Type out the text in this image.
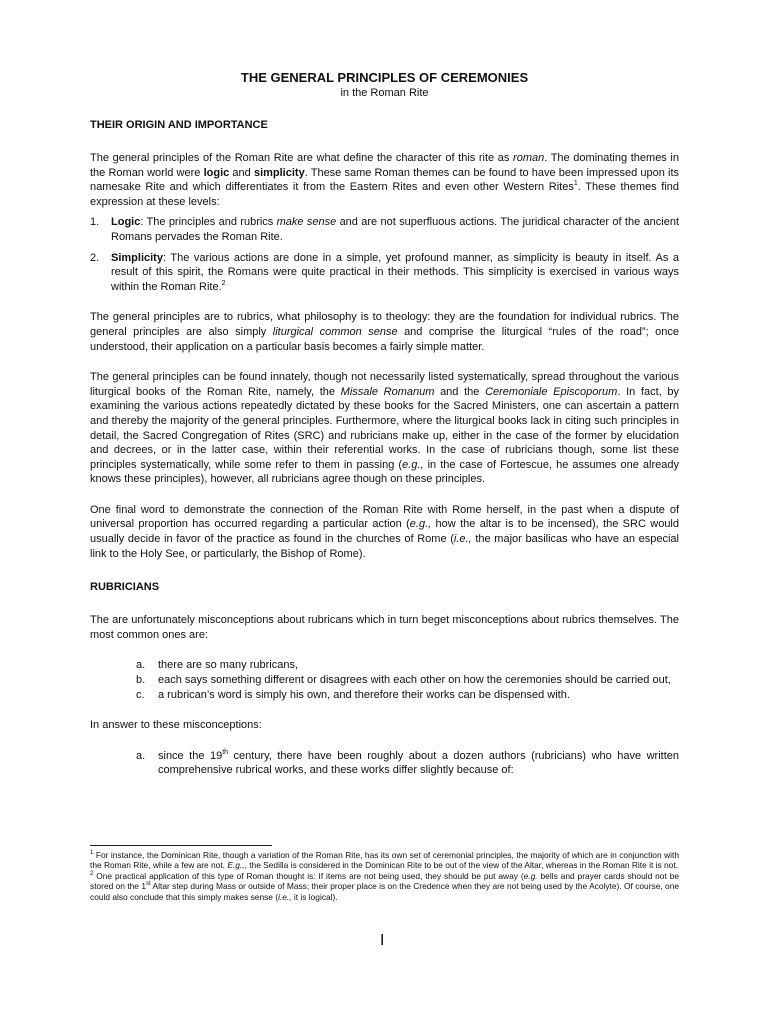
THE GENERAL PRINCIPLES OF CEREMONIES
in the Roman Rite
THEIR ORIGIN AND IMPORTANCE

The general principles of the Roman Rite are what define the character of this rite as roman. The dominating themes in the Roman world were logic and simplicity. These same Roman themes can be found to have been impressed upon its namesake Rite and which differentiates it from the Eastern Rites and even other Western Rites$^1$. These themes find expression at these levels:

1. Logic: The principles and rubrics make sense and are not superfluous actions. The juridical character of the ancient Romans pervades the Roman Rite.
2. Simplicity: The various actions are done in a simple, yet profound manner, as simplicity is beauty in itself. As a result of this spirit, the Romans were quite practical in their methods. This simplicity is exercised in various ways within the Roman Rite.$^2$

The general principles are to rubrics, what philosophy is to theology: they are the foundation for individual rubrics. The general principles are also simply liturgical common sense and comprise the liturgical “rules of the road”; once understood, their application on a particular basis becomes a fairly simple matter.

The general principles can be found innately, though not necessarily listed systematically, spread throughout the various liturgical books of the Roman Rite, namely, the Missale Romanum and the Ceremoniale Episcoporum. In fact, by examining the various actions repeatedly dictated by these books for the Sacred Ministers, one can ascertain a pattern and thereby the majority of the general principles. Furthermore, where the liturgical books lack in citing such principles in detail, the Sacred Congregation of Rites (SRC) and rubricians make up, either in the case of the former by elucidation and decrees, or in the latter case, within their referential works. In the case of rubricians though, some list these principles systematically, while some refer to them in passing (e.g., in the case of Fortescue, he assumes one already knows these principles), however, all rubricians agree though on these principles.

One final word to demonstrate the connection of the Roman Rite with Rome herself, in the past when a dispute of universal proportion has occurred regarding a particular action (e.g., how the altar is to be incensed), the SRC would usually decide in favor of the practice as found in the churches of Rome (i.e., the major basilicas who have an especial link to the Holy See, or particularly, the Bishop of Rome).

RUBRICIANS

The are unfortunately misconceptions about rubricans which in turn beget misconceptions about rubrics themselves. The most common ones are:

a. there are so many rubricans,
b. each says something different or disagrees with each other on how the ceremonies should be carried out,
c. a rubrican’s word is simply his own, and therefore their works can be dispensed with.

In answer to these misconceptions:

a. since the 19th century, there have been roughly about a dozen authors (rubricians) who have written comprehensive rubrical works, and these works differ slightly because of:

$^1$ For instance, the Dominican Rite, though a variation of the Roman Rite, has its own set of ceremonial principles, the majority of which are in conjunction with the Roman Rite, while a few are not. E.g.,, the Sedilla is considered in the Dominican Rite to be out of the view of the Altar, whereas in the Roman Rite it is not.

$^2$ One practical application of this type of Roman thought is: If items are not being used, they should be put away (e.g. bells and prayer cards should not be stored on the 1st Altar step during Mass or outside of Mass; their proper place is on the Credence when they are not being used by the Acolyte). Of course, one could also conclude that this simply makes sense (i.e., it is logical).

I
